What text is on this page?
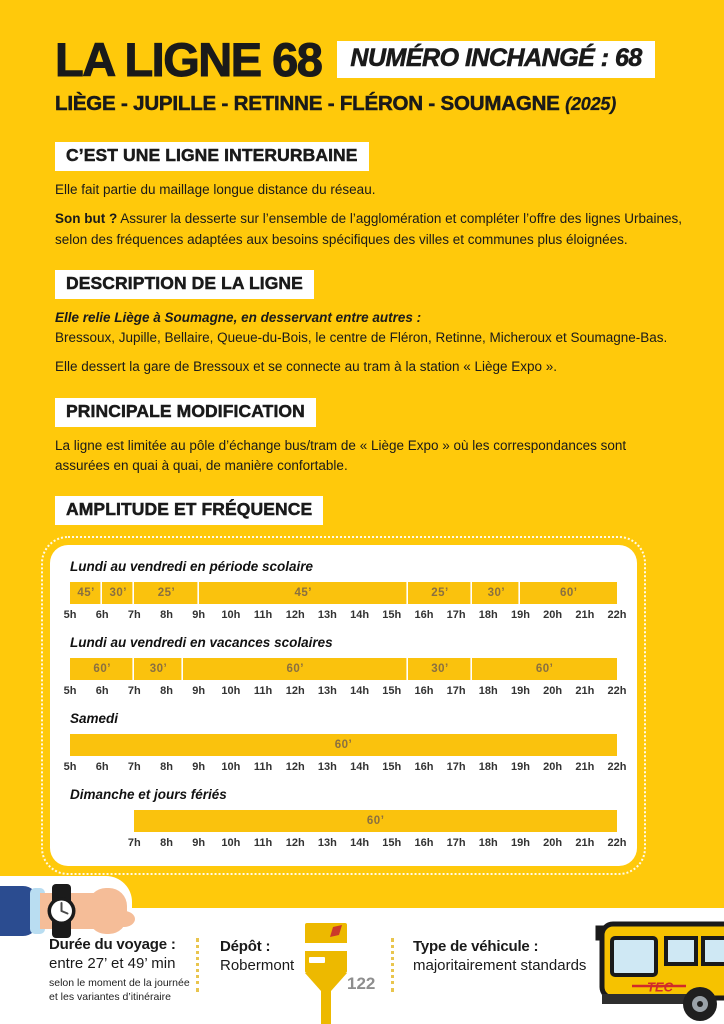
LA LIGNE 68	NUMÉRO INCHANGÉ : 68
LIÈGE - JUPILLE - RETINNE - FLÉRON - SOUMAGNE (2025)
C’EST UNE LIGNE INTERURBAINE

Elle fait partie du maillage longue distance du réseau.

Son but ? Assurer la desserte sur l’ensemble de l’agglomération et compléter l’offre des lignes Urbaines, selon des fréquences adaptées aux besoins spécifiques des villes et communes plus éloignées.

DESCRIPTION DE LA LIGNE

Elle relie Liège à Soumagne, en desservant entre autres :
Bressoux, Jupille, Bellaire, Queue-du-Bois, le centre de Fléron, Retinne, Micheroux et Soumagne-Bas.

Elle dessert la gare de Bressoux et se connecte au tram à la station « Liège Expo ».

PRINCIPALE MODIFICATION

La ligne est limitée au pôle d’échange bus/tram de « Liège Expo » où les correspondances sont assurées en quai à quai, de manière confortable.

AMPLITUDE ET FRÉQUENCE
Lundi au vendredi en période scolaire
45’	30’	25’	45’	25’	30’	60’
5h 6h 7h 8h 9h 10h 11h 12h 13h 14h 15h 16h 17h 18h 19h 20h 21h 22h
Lundi au vendredi en vacances scolaires
60’	30’	60’	30’	60’
5h 6h 7h 8h 9h 10h 11h 12h 13h 14h 15h 16h 17h 18h 19h 20h 21h 22h
Samedi
60’
5h 6h 7h 8h 9h 10h 11h 12h 13h 14h 15h 16h 17h 18h 19h 20h 21h 22h
Dimanche et jours fériés
60’
7h 8h 9h 10h 11h 12h 13h 14h 15h 16h 17h 18h 19h 20h 21h 22h
Durée du voyage :
entre 27’ et 49’ min
selon le moment de la journée
et les variantes d’itinéraire
Dépôt :
Robermont
122
Type de véhicule :
majoritairement standards
TEC
